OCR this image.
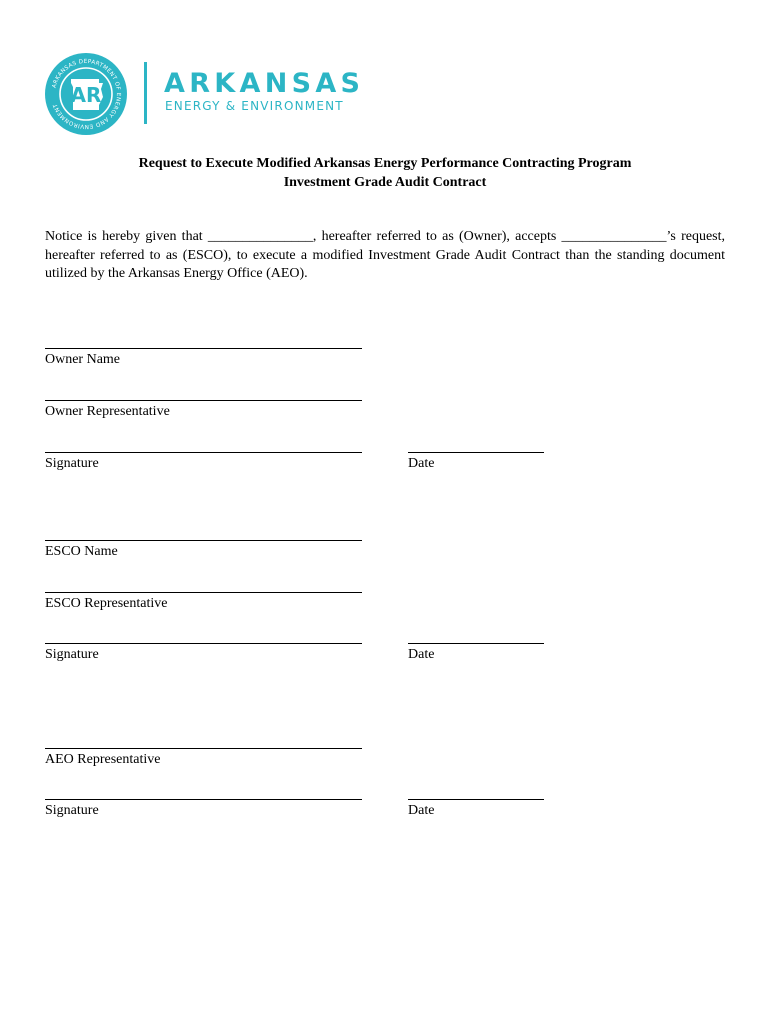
ARKANSAS DEPARTMENT OF ENERGY AND ENVIRONMENT AR ARKANSAS
ENERGY & ENVIRONMENT
Request to Execute Modified Arkansas Energy Performance Contracting Program
Investment Grade Audit Contract
Notice is hereby given that _______________, hereafter referred to as (Owner), accepts _______________’s request, hereafter referred to as (ESCO), to execute a modified Investment Grade Audit Contract than the standing document utilized by the Arkansas Energy Office (AEO).
Owner Name
Owner Representative
Signature	Date
ESCO Name
ESCO Representative
Signature	Date
AEO Representative
Signature	Date
